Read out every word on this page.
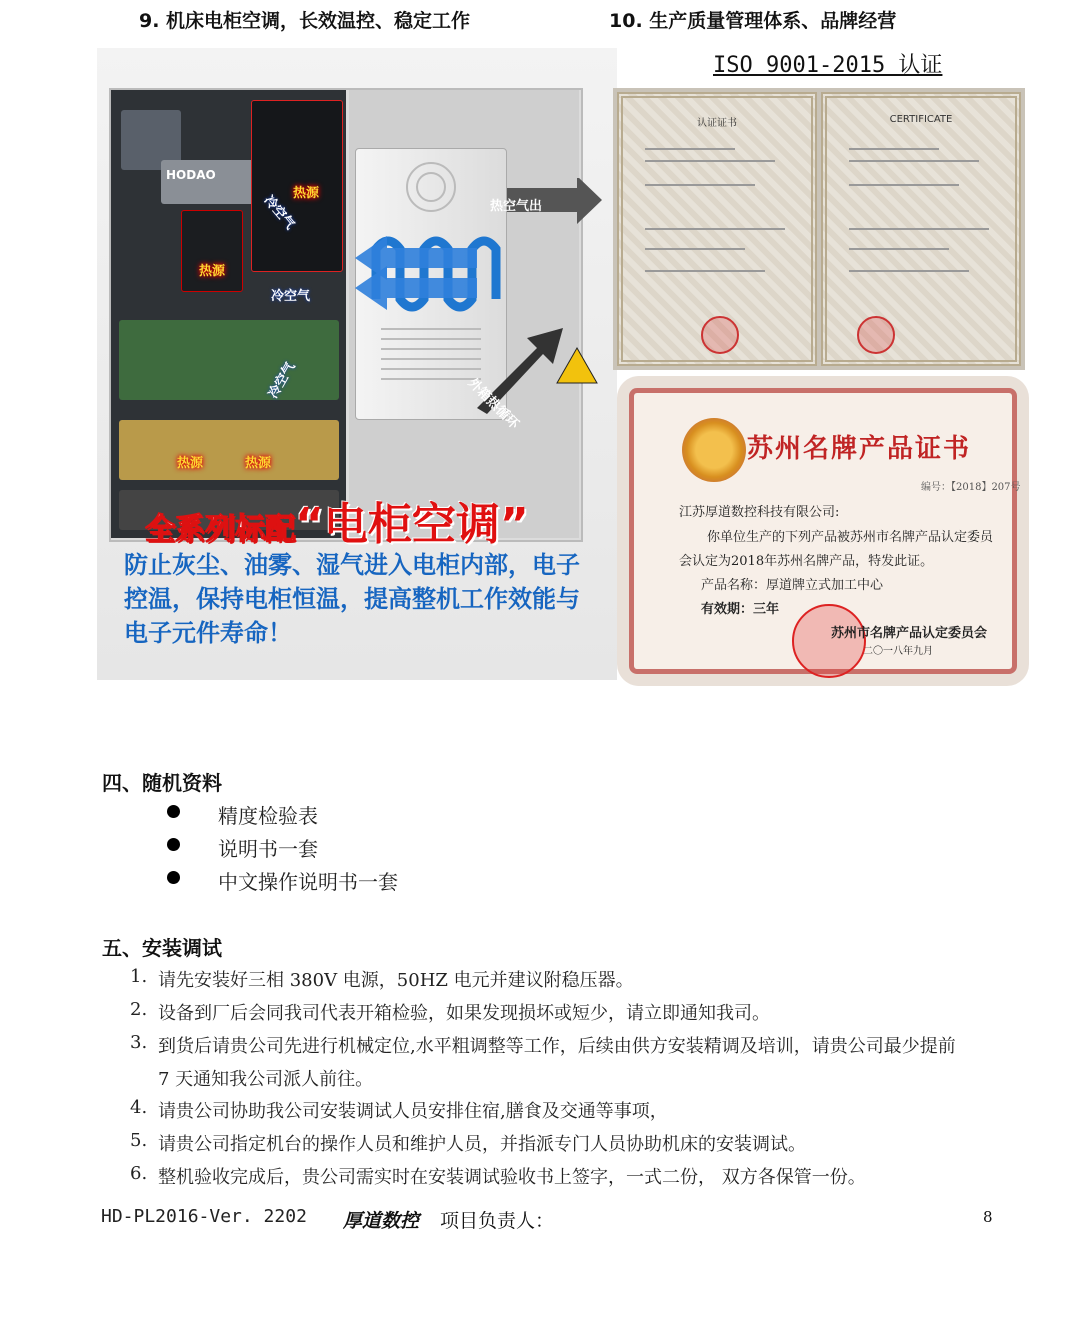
9. 机床电柜空调，长效温控、稳定工作	10. 生产质量管理体系、品牌经营
ISO 9001-2015 认证
HODAO
热源
热源
热源	热源
冷空气
冷空气
冷空气
热空气出
外箱热循环
全系列标配“电柜空调”
防止灰尘、油雾、湿气进入电柜内部，电子控温，保持电柜恒温，提高整机工作效能与电子元件寿命！
认证证书	CERTIFICATE
苏州名牌产品证书
编号：【2018】207号
江苏厚道数控科技有限公司:
你单位生产的下列产品被苏州市名牌产品认定委员
会认定为2018年苏州名牌产品，特发此证。
产品名称：厚道牌立式加工中心
有效期：三年
苏州市名牌产品认定委员会
二〇一八年九月
四、随机资料
精度检验表
说明书一套
中文操作说明书一套
五、安装调试
1. 请先安装好三相 380V 电源，50HZ 电元并建议附稳压器。
2. 设备到厂后会同我司代表开箱检验，如果发现损坏或短少，请立即通知我司。
3. 到货后请贵公司先进行机械定位,水平粗调整等工作，后续由供方安装精调及培训，请贵公司最少提前
7 天通知我公司派人前往。
4. 请贵公司协助我公司安装调试人员安排住宿,膳食及交通等事项，
5. 请贵公司指定机台的操作人员和维护人员，并指派专门人员协助机床的安装调试。
6. 整机验收完成后，贵公司需实时在安装调试验收书上签字，一式二份， 双方各保管一份。
HD-PL2016-Ver. 2202 厚道数控 项目负责人：	8
